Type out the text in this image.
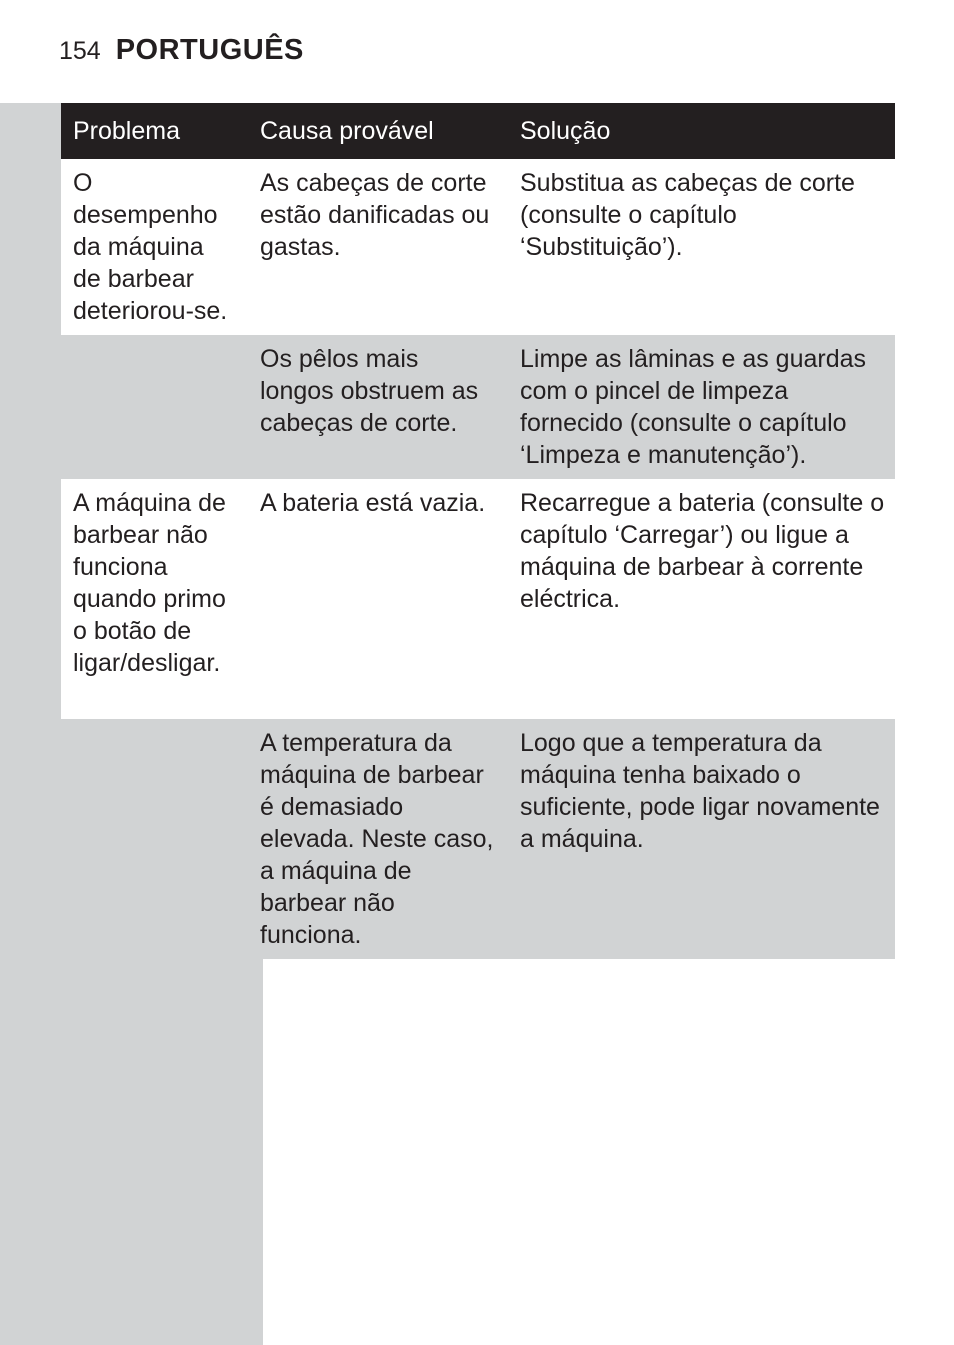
154 PORTUGUÊS
Problema	Causa provável	Solução
O desempenho da máquina de barbear deteriorou-se.	As cabeças de corte estão danificadas ou gastas.	Substitua as cabeças de corte (consulte o capítulo ‘Substituição’).
	Os pêlos mais longos obstruem as cabeças de corte.	Limpe as lâminas e as guardas com o pincel de limpeza fornecido (consulte o capítulo ‘Limpeza e manutenção’).
A máquina de barbear não funciona quando primo o botão de ligar/desligar.	A bateria está vazia.	Recarregue a bateria (consulte o capítulo ‘Carregar’) ou ligue a máquina de barbear à corrente eléctrica.
	A temperatura da máquina de barbear é demasiado elevada. Neste caso, a máquina de barbear não funciona.	Logo que a temperatura da máquina tenha baixado o suficiente, pode ligar novamente a máquina.
